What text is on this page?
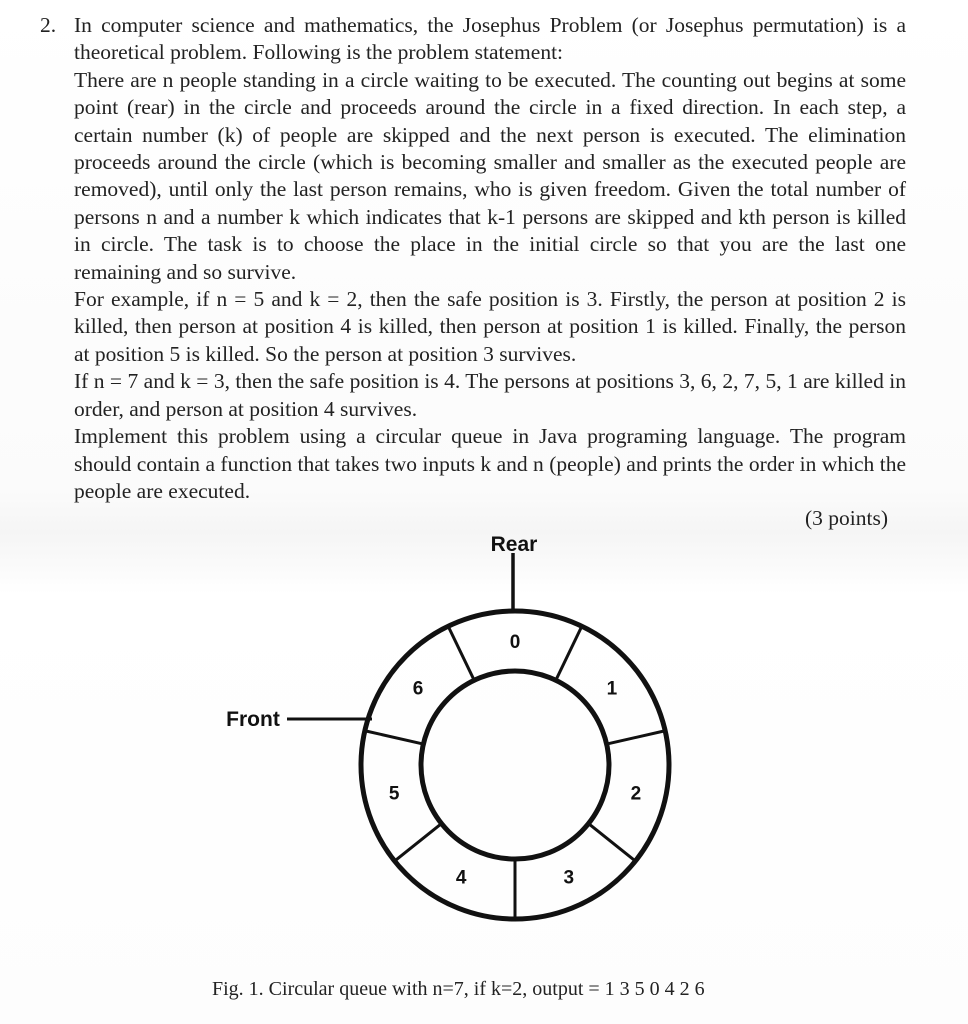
2. In computer science and mathematics, the Josephus Problem (or Josephus permutation) is a theoretical problem. Following is the problem statement:

There are n people standing in a circle waiting to be executed. The counting out begins at some point (rear) in the circle and proceeds around the circle in a fixed direction. In each step, a certain number (k) of people are skipped and the next person is executed. The elimination proceeds around the circle (which is becoming smaller and smaller as the executed people are removed), until only the last person remains, who is given freedom. Given the total number of persons n and a number k which indicates that k-1 persons are skipped and kth person is killed in circle. The task is to choose the place in the initial circle so that you are the last one remaining and so survive.

For example, if n = 5 and k = 2, then the safe position is 3. Firstly, the person at position 2 is killed, then person at position 4 is killed, then person at position 1 is killed. Finally, the person at position 5 is killed. So the person at position 3 survives.

If n = 7 and k = 3, then the safe position is 4. The persons at positions 3, 6, 2, 7, 5, 1 are killed in order, and person at position 4 survives.

Implement this problem using a circular queue in Java programing language. The program should contain a function that takes two inputs k and n (people) and prints the order in which the people are executed.

(3 points)
Rear
Front
0
1
2
3
4
5
6
Fig. 1. Circular queue with n=7, if k=2, output = 1 3 5 0 4 2 6
